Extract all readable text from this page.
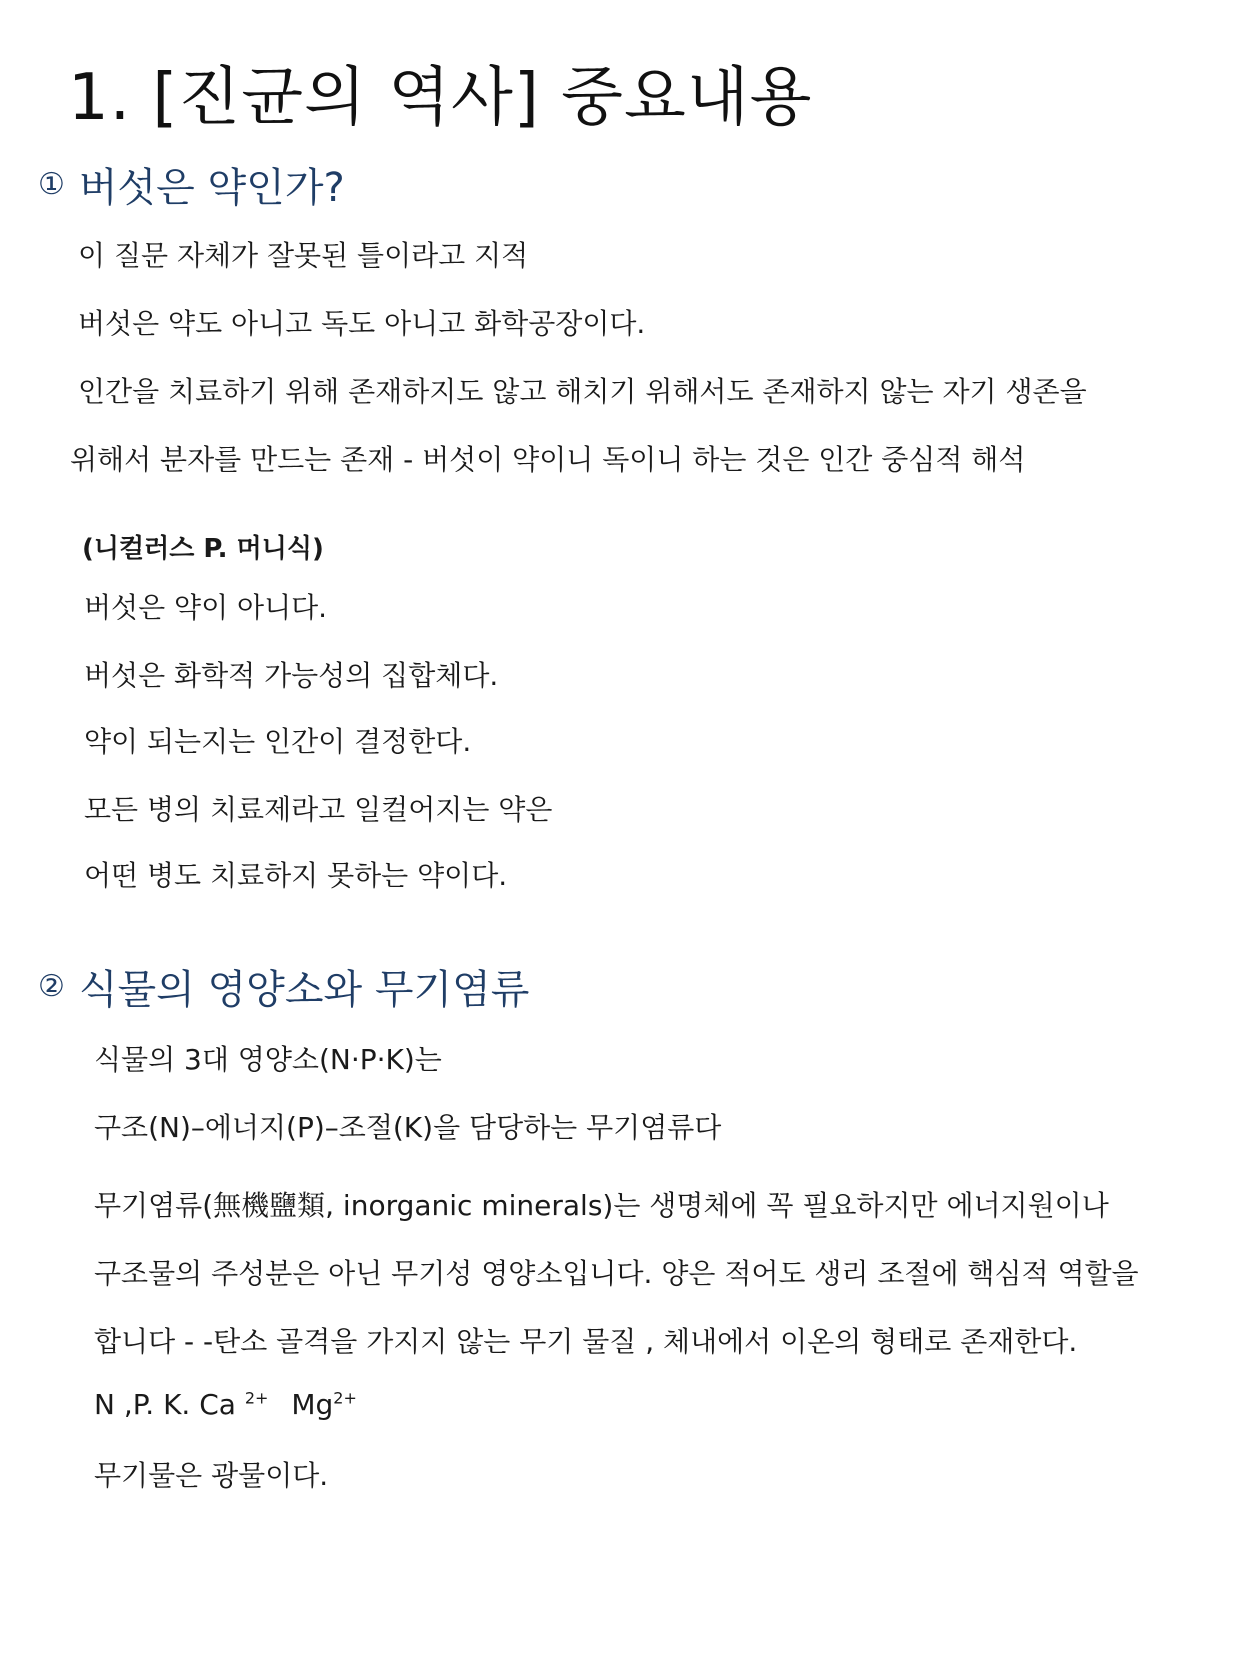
1. [진균의 역사] 중요내용
① 버섯은 약인가?

이 질문 자체가 잘못된 틀이라고 지적

버섯은 약도 아니고 독도 아니고 화학공장이다.

인간을 치료하기 위해 존재하지도 않고 해치기 위해서도 존재하지 않는 자기 생존을

위해서 분자를 만드는 존재 - 버섯이 약이니 독이니 하는 것은 인간 중심적 해석

(니컬러스 P. 머니식)

버섯은 약이 아니다.

버섯은 화학적 가능성의 집합체다.

약이 되는지는 인간이 결정한다.

모든 병의 치료제라고 일컬어지는 약은

어떤 병도 치료하지 못하는 약이다.

② 식물의 영양소와 무기염류

식물의 3대 영양소(N·P·K)는

구조(N)–에너지(P)–조절(K)을 담당하는 무기염류다

무기염류(無機鹽類, inorganic minerals)는 생명체에 꼭 필요하지만 에너지원이나

구조물의 주성분은 아닌 무기성 영양소입니다. 양은 적어도 생리 조절에 핵심적 역할을

합니다 - -탄소 골격을 가지지 않는 무기 물질 , 체내에서 이온의 형태로 존재한다.

N ,P. K. Ca $^{2+}$ $Mg^{2+}$

무기물은 광물이다.
